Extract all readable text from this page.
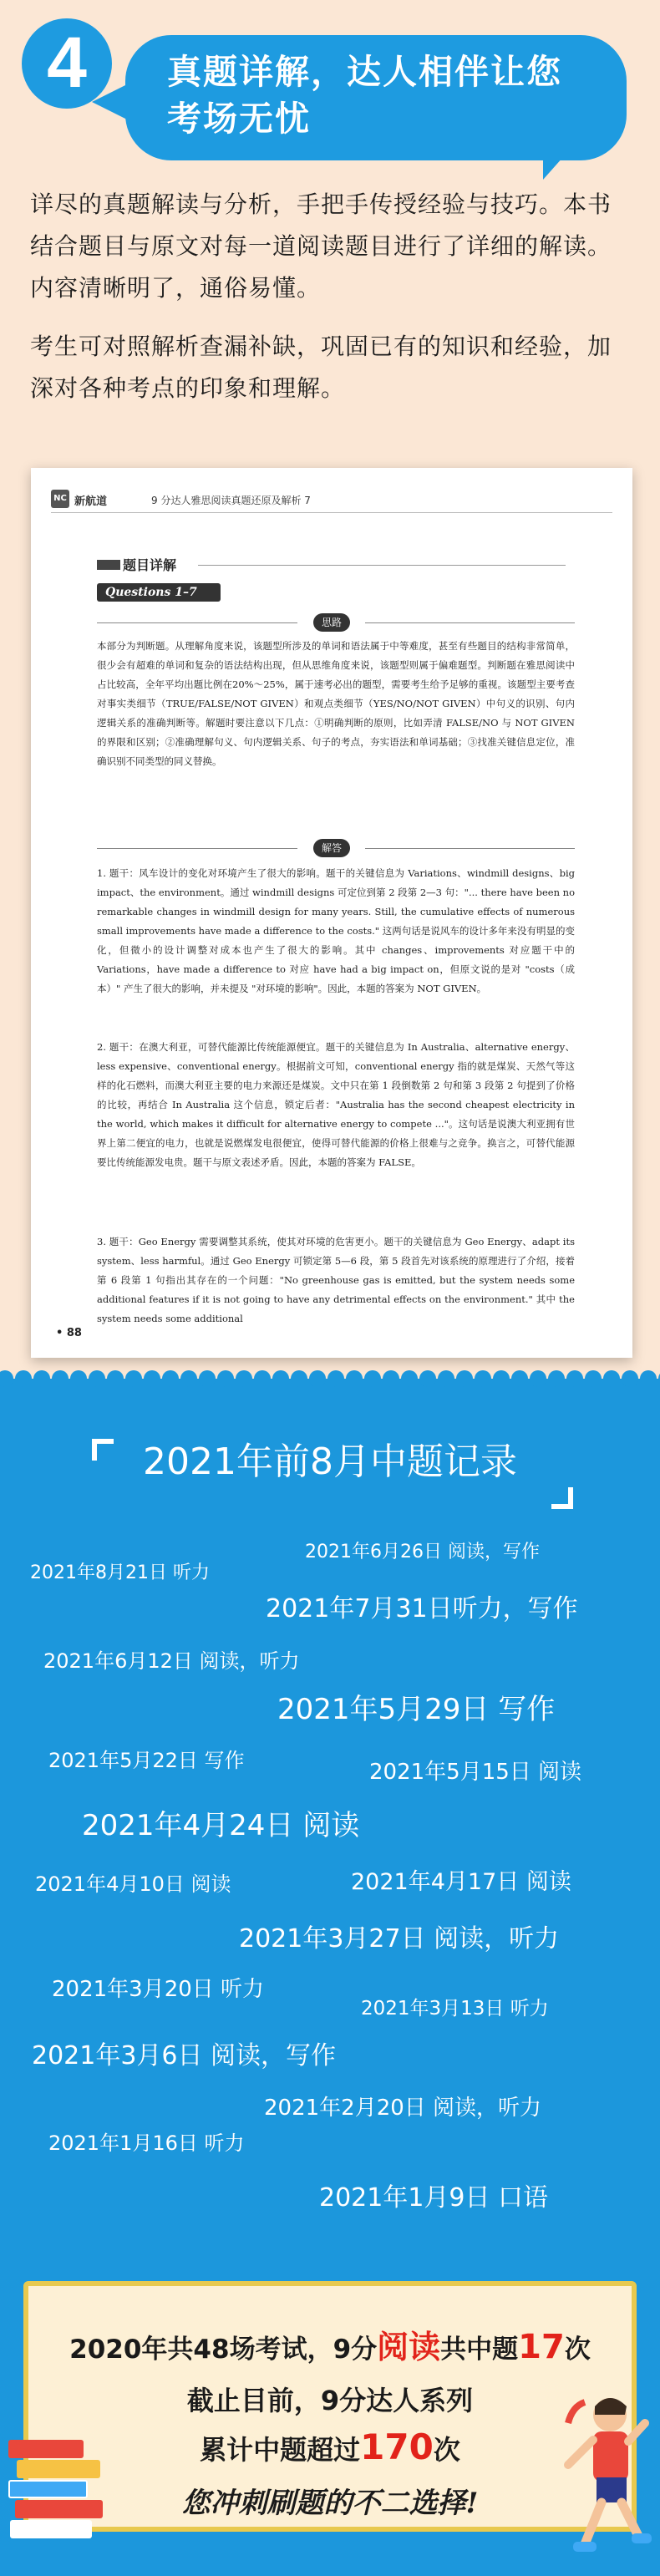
4	真题详解，达人相伴让您
考场无忧

详尽的真题解读与分析，手把手传授经验与技巧。本书结合题目与原文对每一道阅读题目进行了详细的解读。内容清晰明了，通俗易懂。

考生可对照解析查漏补缺，巩固已有的知识和经验，加深对各种考点的印象和理解。

NC 新航道	9 分达人雅思阅读真题还原及解析 7
题目详解
Questions 1–7
思路

本部分为判断题。从理解角度来说，该题型所涉及的单词和语法属于中等难度，甚至有些题目的结构非常简单，很少会有超难的单词和复杂的语法结构出现，但从思维角度来说，该题型则属于偏难题型。判断题在雅思阅读中占比较高，全年平均出题比例在20%～25%，属于速考必出的题型，需要考生给予足够的重视。该题型主要考查对事实类细节（TRUE/FALSE/NOT GIVEN）和观点类细节（YES/NO/NOT GIVEN）中句义的识别、句内逻辑关系的准确判断等。解题时要注意以下几点：①明确判断的原则，比如弄清 FALSE/NO 与 NOT GIVEN 的界限和区别；②准确理解句义、句内逻辑关系、句子的考点，夯实语法和单词基础；③找准关键信息定位，准确识别不同类型的同义替换。

解答

1. 题干：风车设计的变化对环境产生了很大的影响。题干的关键信息为 Variations、windmill designs、big impact、the environment。通过 windmill designs 可定位到第 2 段第 2—3 句："... there have been no remarkable changes in windmill design for many years. Still, the cumulative effects of numerous small improvements have made a difference to the costs." 这两句话是说风车的设计多年来没有明显的变化，但微小的设计调整对成本也产生了很大的影响。其中 changes、improvements 对应题干中的 Variations，have made a difference to 对应 have had a big impact on，但原文说的是对 "costs（成本）" 产生了很大的影响，并未提及 "对环境的影响"。因此，本题的答案为 NOT GIVEN。

2. 题干：在澳大利亚，可替代能源比传统能源便宜。题干的关键信息为 In Australia、alternative energy、less expensive、conventional energy。根据前文可知，conventional energy 指的就是煤炭、天然气等这样的化石燃料，而澳大利亚主要的电力来源还是煤炭。文中只在第 1 段倒数第 2 句和第 3 段第 2 句提到了价格的比较，再结合 In Australia 这个信息，锁定后者："Australia has the second cheapest electricity in the world, which makes it difficult for alternative energy to compete ..."。这句话是说澳大利亚拥有世界上第二便宜的电力，也就是说燃煤发电很便宜，使得可替代能源的价格上很难与之竞争。换言之，可替代能源要比传统能源发电贵。题干与原文表述矛盾。因此，本题的答案为 FALSE。

3. 题干：Geo Energy 需要调整其系统，使其对环境的危害更小。题干的关键信息为 Geo Energy、adapt its system、less harmful。通过 Geo Energy 可锁定第 5—6 段，第 5 段首先对该系统的原理进行了介绍，接着第 6 段第 1 句指出其存在的一个问题："No greenhouse gas is emitted, but the system needs some additional features if it is not going to have any detrimental effects on the environment." 其中 the system needs some additional

• 88
2021年前8月中题记录
2021年6月26日 阅读，写作
2021年8月21日 听力
2021年7月31日听力，写作
2021年6月12日 阅读，听力
2021年5月29日 写作
2021年5月22日 写作	2021年5月15日 阅读
2021年4月24日 阅读
2021年4月17日 阅读
2021年4月10日 阅读
2021年3月27日 阅读，听力
2021年3月20日 听力
2021年3月13日 听力
2021年3月6日 阅读，写作
2021年2月20日 阅读，听力
2021年1月16日 听力
2021年1月9日 口语
2020年共48场考试，9分阅读共中题17次
截止目前，9分达人系列
累计中题超过170次
您冲刺刷题的不二选择!
